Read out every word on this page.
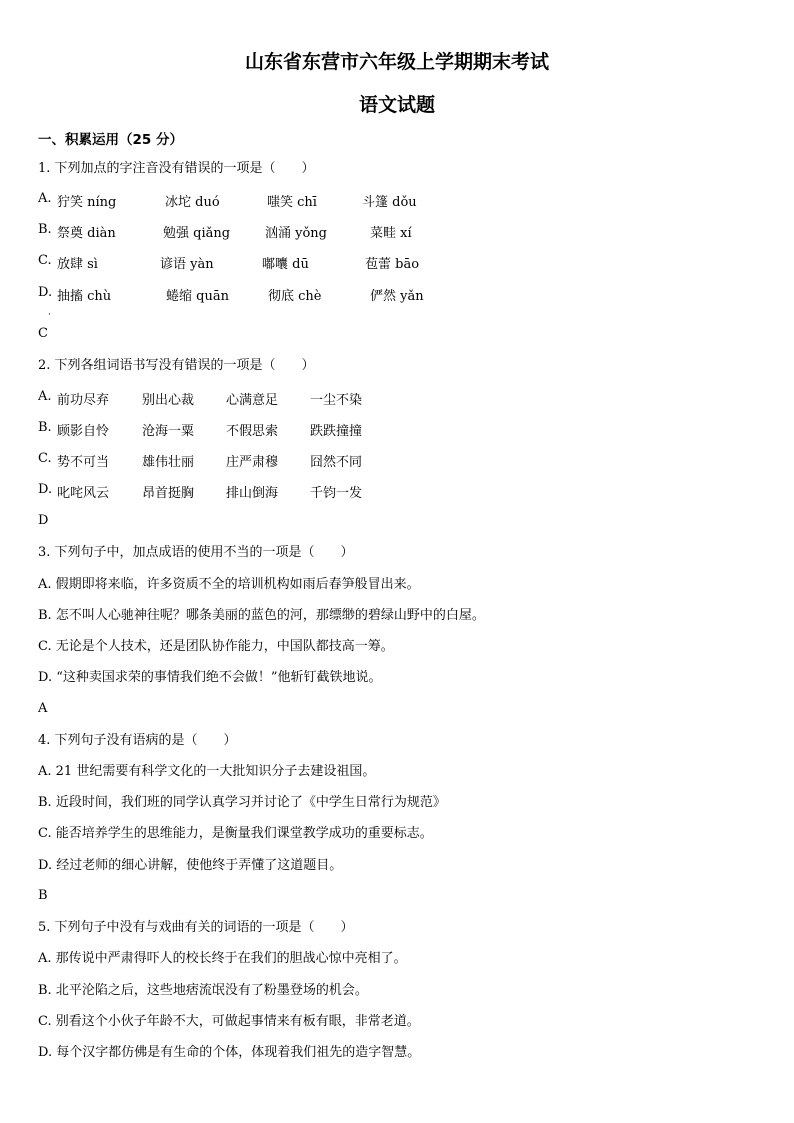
山东省东营市六年级上学期期末考试
语文试题
一、积累运用（25 分）
1. 下列加点的字注音没有错误的一项是（　　）
A. 狞笑 níng	冰坨 duó	嗤笑 chī	斗篷 dǒu
B. 祭奠 diàn	勉强 qiǎng	汹涌 yǒng	菜畦 xí
C. 放肆 sì	谚语 yàn	嘟囔 dū	苞蕾 bāo
D. 抽搐 chù	蜷缩 quān	彻底 chè	俨然 yǎn
·
C
2. 下列各组词语书写没有错误的一项是（　　）
A. 前功尽弃	别出心裁 心满意足 一尘不染
B. 顾影自怜	沧海一粟 不假思索 跌跌撞撞
C. 势不可当	雄伟壮丽 庄严肃穆 囧然不同
D. 叱咤风云	昂首挺胸 排山倒海 千钧一发
D
3. 下列句子中，加点成语的使用不当的一项是（　　）
A. 假期即将来临，许多资质不全的培训机构如雨后春笋般冒出来。
B. 怎不叫人心驰神往呢？哪条美丽的蓝色的河，那缥缈的碧绿山野中的白屋。
C. 无论是个人技术，还是团队协作能力，中国队都技高一筹。
D. “这种卖国求荣的事情我们绝不会做！”他斩钉截铁地说。
A
4. 下列句子没有语病的是（　　）
A. 21 世纪需要有科学文化的一大批知识分子去建设祖国。
B. 近段时间，我们班的同学认真学习并讨论了《中学生日常行为规范》
C. 能否培养学生的思维能力，是衡量我们课堂教学成功的重要标志。
D. 经过老师的细心讲解，使他终于弄懂了这道题目。
B
5. 下列句子中没有与戏曲有关的词语的一项是（　　）
A. 那传说中严肃得吓人的校长终于在我们的胆战心惊中亮相了。
B. 北平沦陷之后，这些地痞流氓没有了粉墨登场的机会。
C. 别看这个小伙子年龄不大，可做起事情来有板有眼，非常老道。
D. 每个汉字都仿佛是有生命的个体，体现着我们祖先的造字智慧。
